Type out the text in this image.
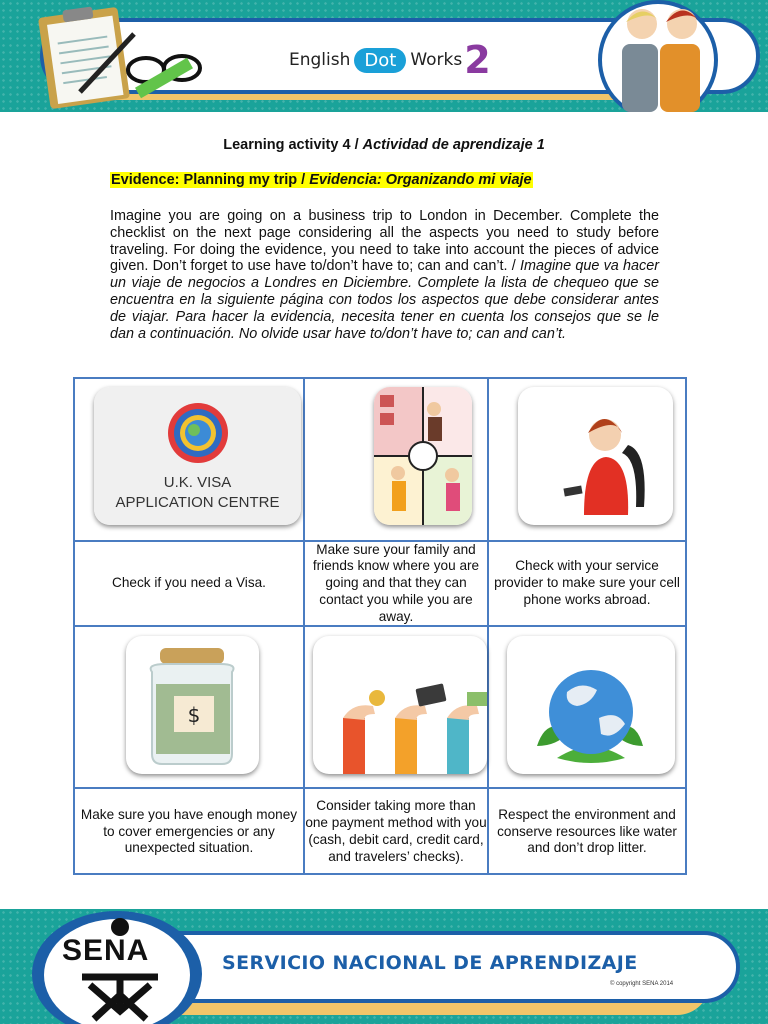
English Dot Works 2
Learning activity 4 / Actividad de aprendizaje 1
Evidence: Planning my trip / Evidencia: Organizando mi viaje
Imagine you are going on a business trip to London in December. Complete the checklist on the next page considering all the aspects you need to study before traveling. For doing the evidence, you need to take into account the pieces of advice given. Don’t forget to use have to/don’t have to; can and can’t. / Imagine que va hacer un viaje de negocios a Londres en Diciembre. Complete la lista de chequeo que se encuentra en la siguiente página con todos los aspectos que debe considerar antes de viajar. Para hacer la evidencia, necesita tener en cuenta los consejos que se le dan a continuación. No olvide usar have to/don’t have to; can and can’t.
U.K. VISA
APPLICATION CENTRE
Check if you need a Visa.
Make sure your family and friends know where you are going and that they can contact you while you are away.
Check with your service provider to make sure your cell phone works abroad.
$
Make sure you have enough money to cover emergencies or any unexpected situation.
Consider taking more than one payment method with you (cash, debit card, credit card, and travelers’ checks).
Respect the environment and conserve resources like water and don’t drop litter.
SENA	SERVICIO NACIONAL DE APRENDIZAJE
© copyright SENA 2014
